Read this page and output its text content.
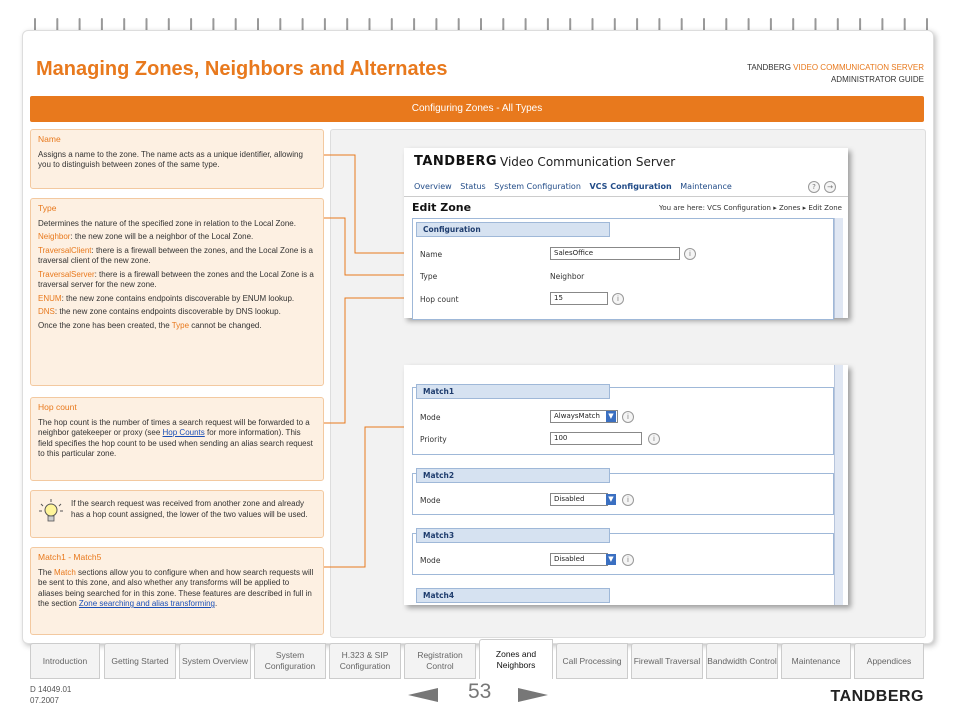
Managing Zones, Neighbors and Alternates	TANDBERG VIDEO COMMUNICATION SERVER
ADMINISTRATOR GUIDE
Configuring Zones - All Types
Name

Assigns a name to the zone. The name acts as a unique identifier, allowing you to distinguish between zones of the same type.

Type

Determines the nature of the specified zone in relation to the Local Zone.

Neighbor: the new zone will be a neighbor of the Local Zone.

TraversalClient: there is a firewall between the zones, and the Local Zone is a traversal client of the new zone.

TraversalServer: there is a firewall between the zones and the Local Zone is a traversal server for the new zone.

ENUM: the new zone contains endpoints discoverable by ENUM lookup.

DNS: the new zone contains endpoints discoverable by DNS lookup.

Once the zone has been created, the Type cannot be changed.

Hop count

The hop count is the number of times a search request will be forwarded to a neighbor gatekeeper or proxy (see Hop Counts for more information). This field specifies the hop count to be used when sending an alias search request to this particular zone.

If the search request was received from another zone and already has a hop count assigned, the lower of the two values will be used.

Match1 - Match5

The Match sections allow you to configure when and how search requests will be sent to this zone, and also whether any transforms will be applied to aliases being searched for in this zone. These features are described in full in the section Zone searching and alias transforming.

TANDBERG Video Communication Server
Overview Status System Configuration VCS Configuration Maintenance	?	→
Edit Zone	You are here: VCS Configuration ▸ Zones ▸ Edit Zone
Configuration
Name	SalesOffice	i
Type	Neighbor
Hop count	15	i
Match1
Mode	AlwaysMatch	▼	i
Priority	100	i
Match2
Mode	Disabled	▼	i
Match3
Mode	Disabled	▼	i
Match4
Introduction	Getting Started	System Overview
System Configuration
H.323 & SIP Configuration
Registration Control
Zones and Neighbors	Call Processing	Firewall Traversal Bandwidth Control	Maintenance	Appendices
D 14049.01
07.2007	53	TANDBERG
